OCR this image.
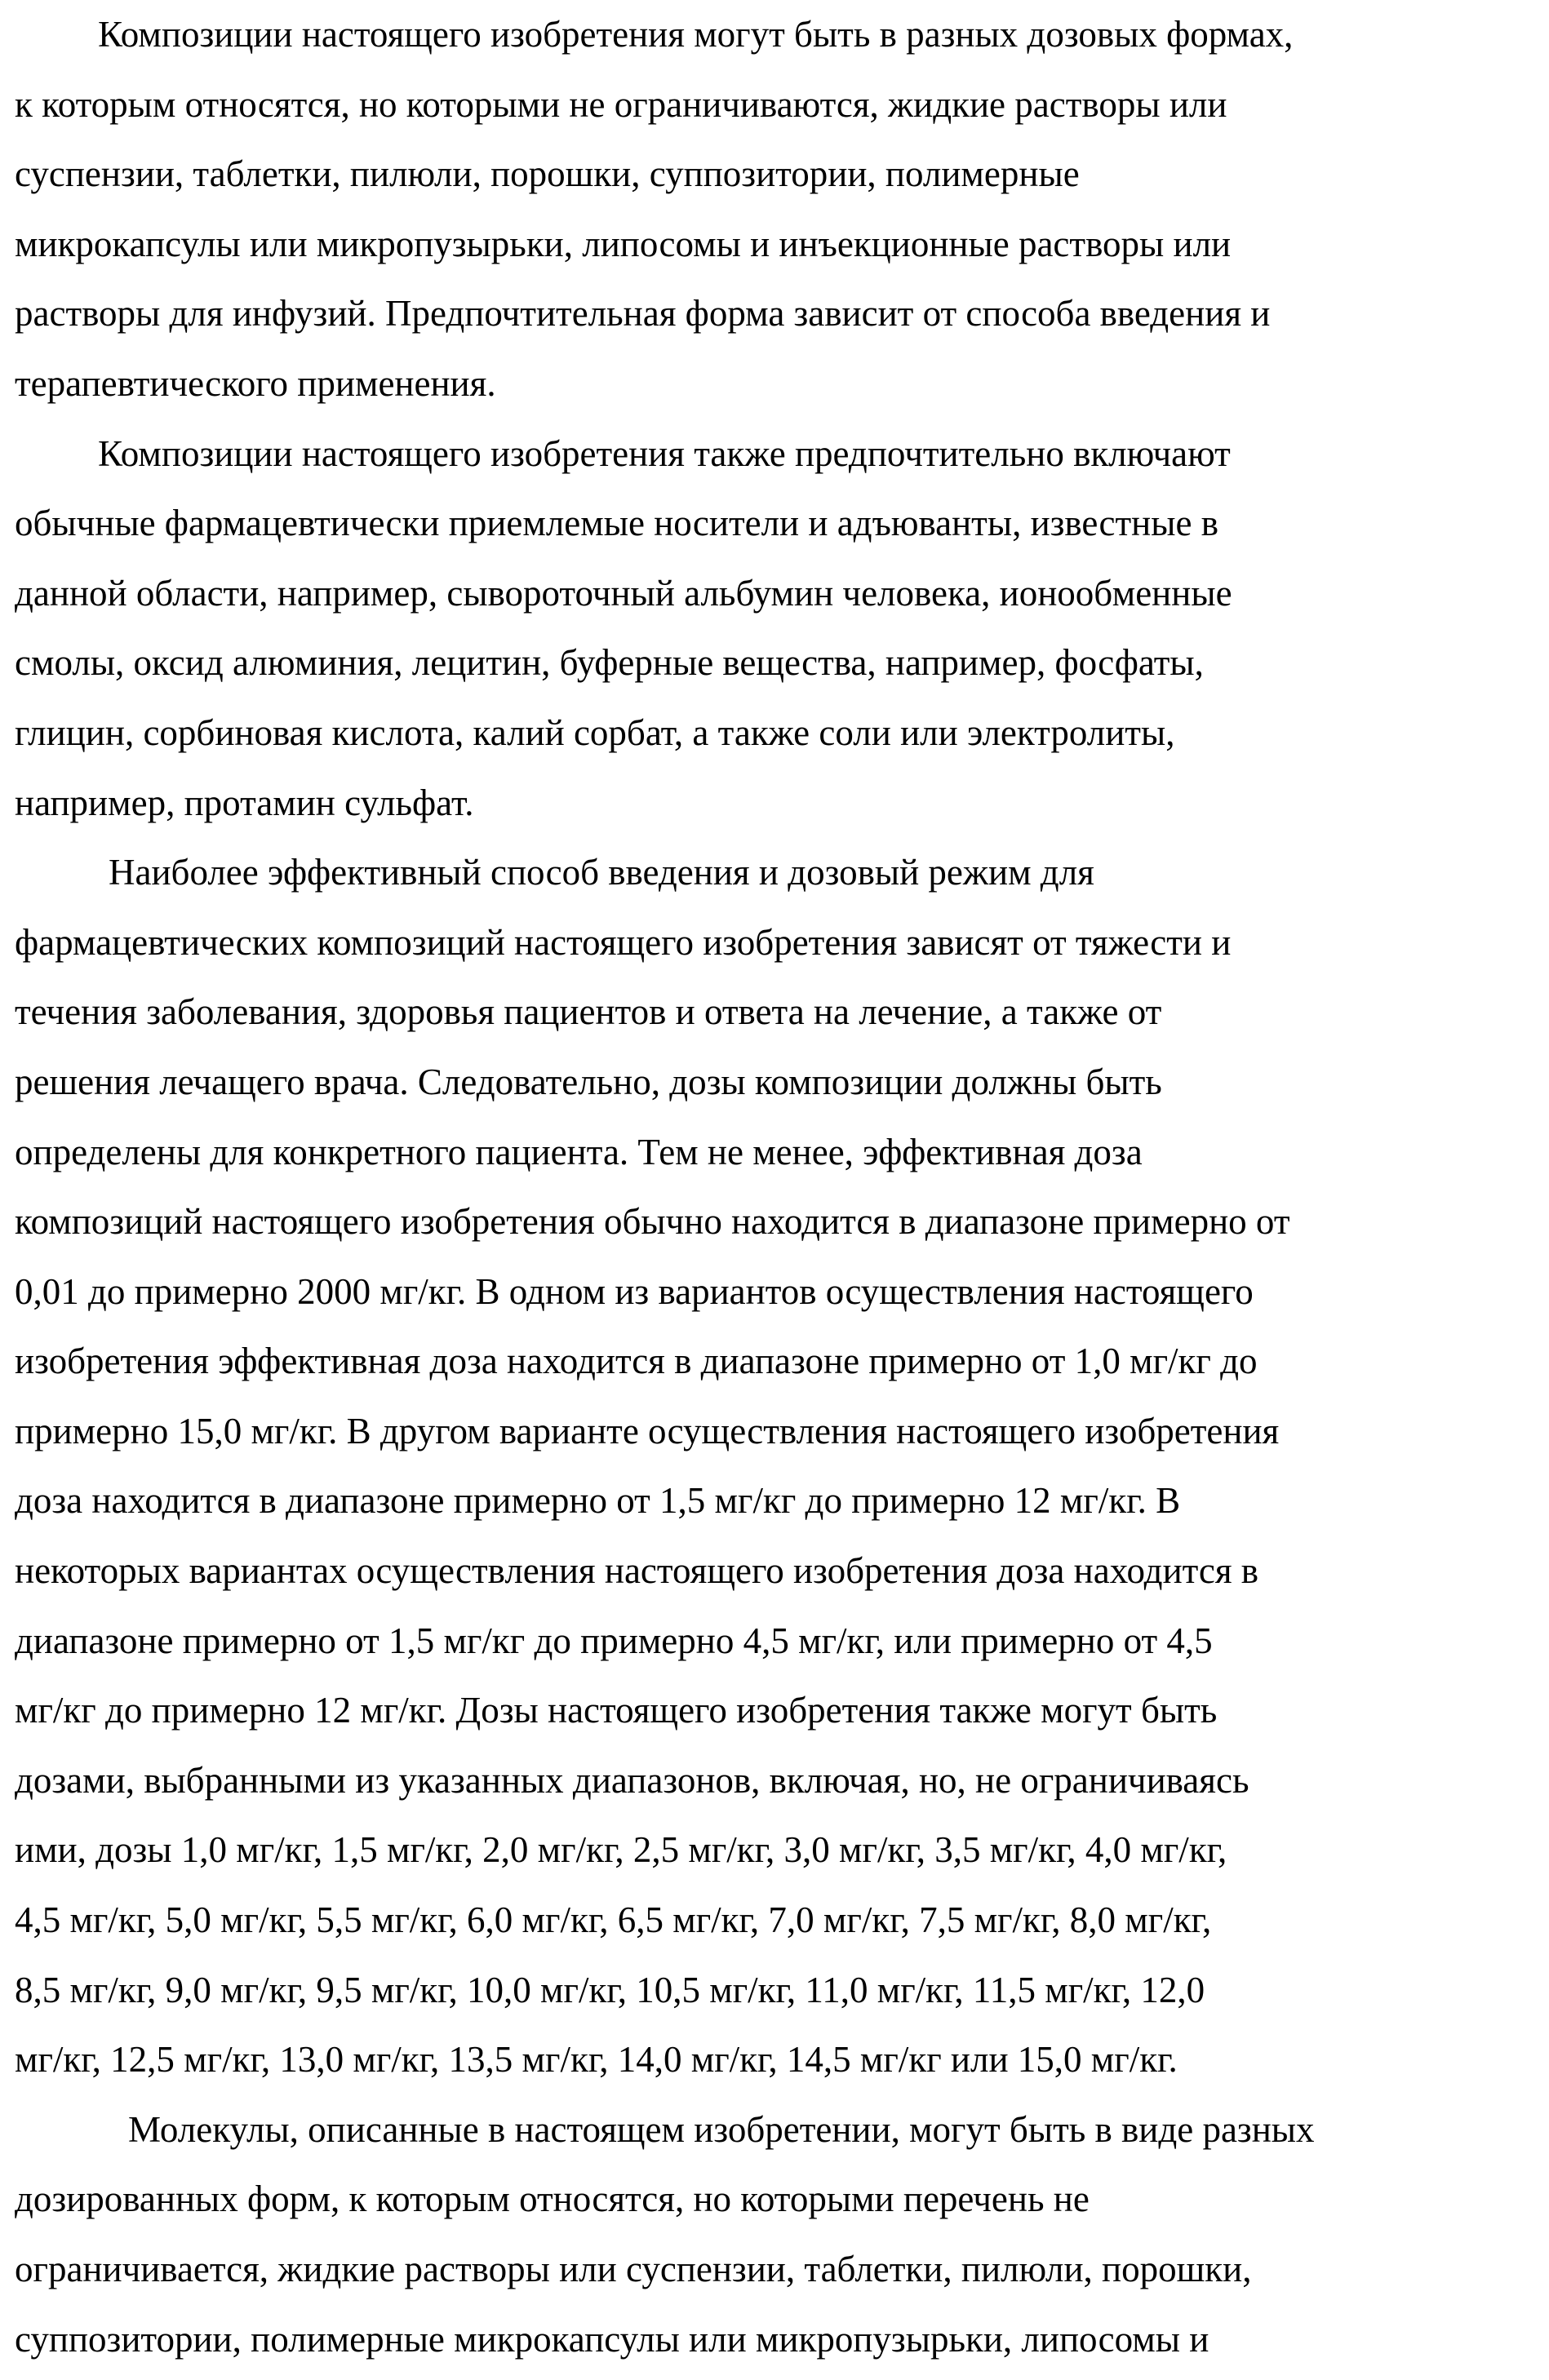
Композиции настоящего изобретения могут быть в разных дозовых формах,
к которым относятся, но которыми не ограничиваются, жидкие растворы или
суспензии, таблетки, пилюли, порошки, суппозитории, полимерные
микрокапсулы или микропузырьки, липосомы и инъекционные растворы или
растворы для инфузий. Предпочтительная форма зависит от способа введения и
терапевтического применения.
Композиции настоящего изобретения также предпочтительно включают
обычные фармацевтически приемлемые носители и адъюванты, известные в
данной области, например, сывороточный альбумин человека, ионообменные
смолы, оксид алюминия, лецитин, буферные вещества, например, фосфаты,
глицин, сорбиновая кислота, калий сорбат, а также соли или электролиты,
например, протамин сульфат.
Наиболее эффективный способ введения и дозовый режим для
фармацевтических композиций настоящего изобретения зависят от тяжести и
течения заболевания, здоровья пациентов и ответа на лечение, а также от
решения лечащего врача. Следовательно, дозы композиции должны быть
определены для конкретного пациента. Тем не менее, эффективная доза
композиций настоящего изобретения обычно находится в диапазоне примерно от
0,01 до примерно 2000 мг/кг. В одном из вариантов осуществления настоящего
изобретения эффективная доза находится в диапазоне примерно от 1,0 мг/кг до
примерно 15,0 мг/кг. В другом варианте осуществления настоящего изобретения
доза находится в диапазоне примерно от 1,5 мг/кг до примерно 12 мг/кг. В
некоторых вариантах осуществления настоящего изобретения доза находится в
диапазоне примерно от 1,5 мг/кг до примерно 4,5 мг/кг, или примерно от 4,5
мг/кг до примерно 12 мг/кг. Дозы настоящего изобретения также могут быть
дозами, выбранными из указанных диапазонов, включая, но, не ограничиваясь
ими, дозы 1,0 мг/кг, 1,5 мг/кг, 2,0 мг/кг, 2,5 мг/кг, 3,0 мг/кг, 3,5 мг/кг, 4,0 мг/кг,
4,5 мг/кг, 5,0 мг/кг, 5,5 мг/кг, 6,0 мг/кг, 6,5 мг/кг, 7,0 мг/кг, 7,5 мг/кг, 8,0 мг/кг,
8,5 мг/кг, 9,0 мг/кг, 9,5 мг/кг, 10,0 мг/кг, 10,5 мг/кг, 11,0 мг/кг, 11,5 мг/кг, 12,0
мг/кг, 12,5 мг/кг, 13,0 мг/кг, 13,5 мг/кг, 14,0 мг/кг, 14,5 мг/кг или 15,0 мг/кг.
Молекулы, описанные в настоящем изобретении, могут быть в виде разных
дозированных форм, к которым относятся, но которыми перечень не
ограничивается, жидкие растворы или суспензии, таблетки, пилюли, порошки,
суппозитории, полимерные микрокапсулы или микропузырьки, липосомы и
